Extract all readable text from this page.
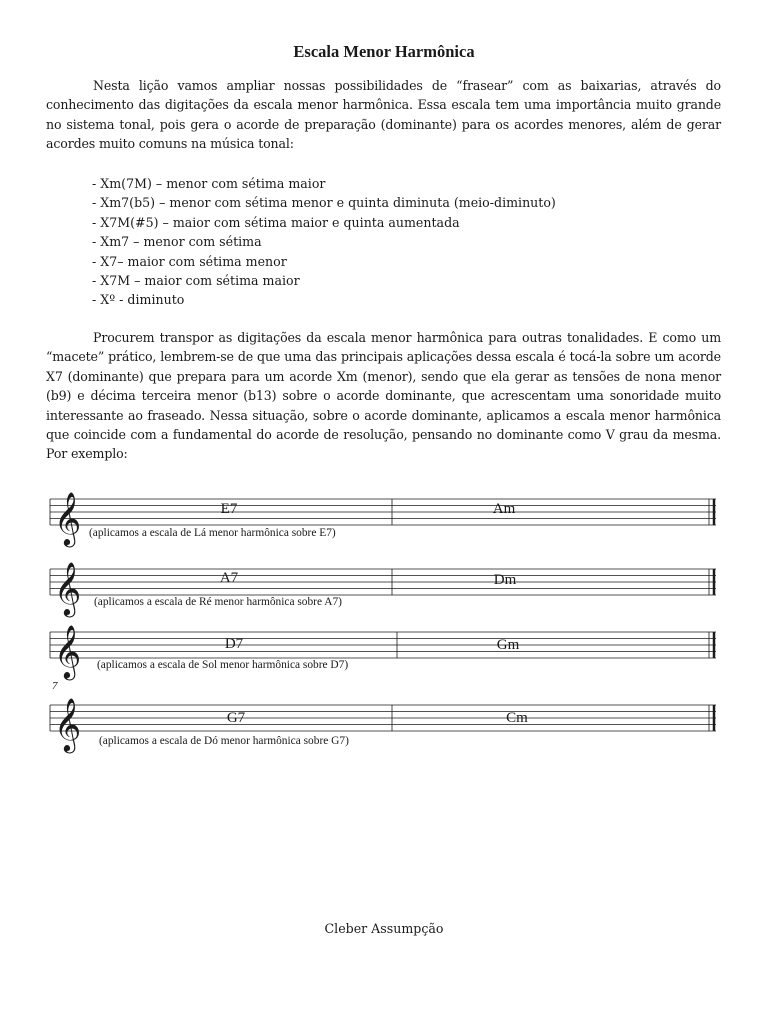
Escala Menor Harmônica

Nesta lição vamos ampliar nossas possibilidades de “frasear” com as baixarias, através do conhecimento das digitações da escala menor harmônica. Essa escala tem uma importância muito grande no sistema tonal, pois gera o acorde de preparação (dominante) para os acordes menores, além de gerar acordes muito comuns na música tonal:

- Xm(7M) – menor com sétima maior
- Xm7(b5) – menor com sétima menor e quinta diminuta (meio-diminuto)
- X7M(#5) – maior com sétima maior e quinta aumentada
- Xm7 – menor com sétima
- X7– maior com sétima menor
- X7M – maior com sétima maior
- Xº - diminuto

Procurem transpor as digitações da escala menor harmônica para outras tonalidades. E como um “macete” prático, lembrem-se de que uma das principais aplicações dessa escala é tocá-la sobre um acorde X7 (dominante) que prepara para um acorde Xm (menor), sendo que ela gerar as tensões de nona menor (b9) e décima terceira menor (b13) sobre o acorde dominante, que acrescentam uma sonoridade muito interessante ao fraseado. Nessa situação, sobre o acorde dominante, aplicamos a escala menor harmônica que coincide com a fundamental do acorde de resolução, pensando no dominante como V grau da mesma. Por exemplo:

𝄞	E7	Am
(aplicamos a escala de Lá menor harmônica sobre E7)
𝄞	A7	Dm
(aplicamos a escala de Ré menor harmônica sobre A7)
𝄞	D7	Gm
(aplicamos a escala de Sol menor harmônica sobre D7)
7
𝄞	G7	Cm
(aplicamos a escala de Dó menor harmônica sobre G7)
Cleber Assumpção
